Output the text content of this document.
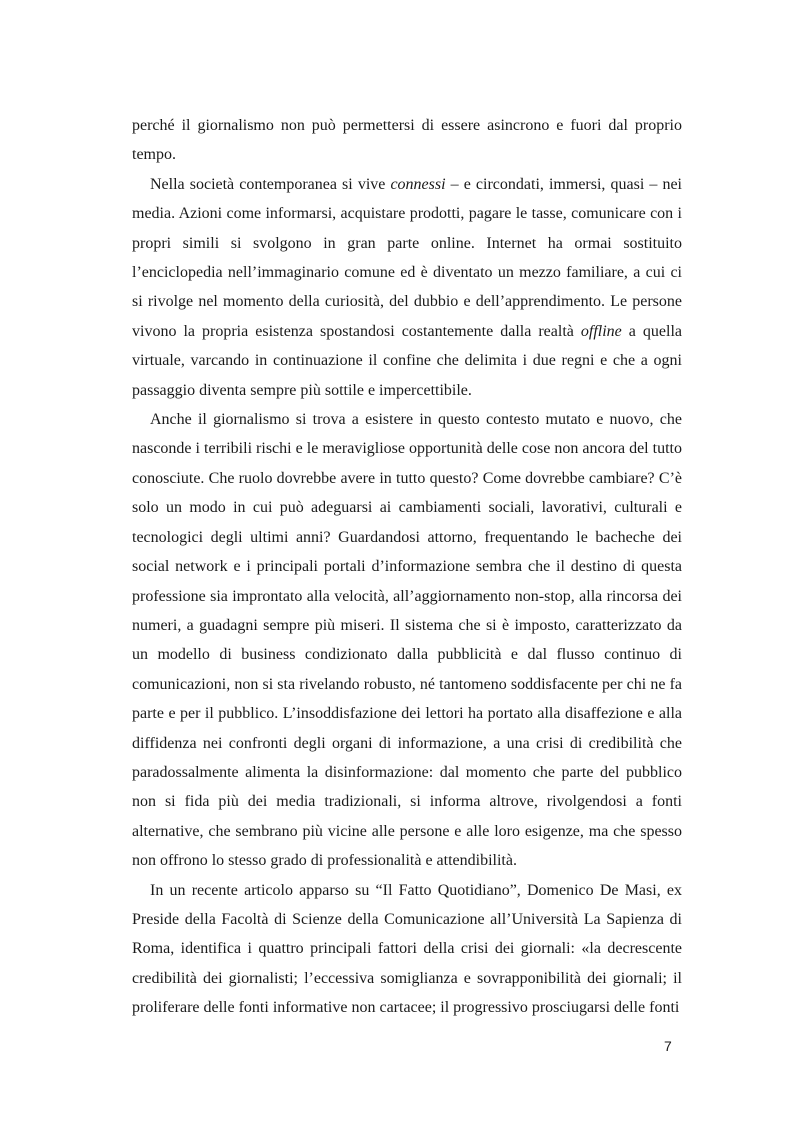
perché il giornalismo non può permettersi di essere asincrono e fuori dal proprio tempo.

Nella società contemporanea si vive connessi – e circondati, immersi, quasi – nei media. Azioni come informarsi, acquistare prodotti, pagare le tasse, comunicare con i propri simili si svolgono in gran parte online. Internet ha ormai sostituito l’enciclopedia nell’immaginario comune ed è diventato un mezzo familiare, a cui ci si rivolge nel momento della curiosità, del dubbio e dell’apprendimento. Le persone vivono la propria esistenza spostandosi costantemente dalla realtà offline a quella virtuale, varcando in continuazione il confine che delimita i due regni e che a ogni passaggio diventa sempre più sottile e impercettibile.

Anche il giornalismo si trova a esistere in questo contesto mutato e nuovo, che nasconde i terribili rischi e le meravigliose opportunità delle cose non ancora del tutto conosciute. Che ruolo dovrebbe avere in tutto questo? Come dovrebbe cambiare? C’è solo un modo in cui può adeguarsi ai cambiamenti sociali, lavorativi, culturali e tecnologici degli ultimi anni? Guardandosi attorno, frequentando le bacheche dei social network e i principali portali d’informazione sembra che il destino di questa professione sia improntato alla velocità, all’aggiornamento non-stop, alla rincorsa dei numeri, a guadagni sempre più miseri. Il sistema che si è imposto, caratterizzato da un modello di business condizionato dalla pubblicità e dal flusso continuo di comunicazioni, non si sta rivelando robusto, né tantomeno soddisfacente per chi ne fa parte e per il pubblico. L’insoddisfazione dei lettori ha portato alla disaffezione e alla diffidenza nei confronti degli organi di informazione, a una crisi di credibilità che paradossalmente alimenta la disinformazione: dal momento che parte del pubblico non si fida più dei media tradizionali, si informa altrove, rivolgendosi a fonti alternative, che sembrano più vicine alle persone e alle loro esigenze, ma che spesso non offrono lo stesso grado di professionalità e attendibilità.

In un recente articolo apparso su “Il Fatto Quotidiano”, Domenico De Masi, ex Preside della Facoltà di Scienze della Comunicazione all’Università La Sapienza di Roma, identifica i quattro principali fattori della crisi dei giornali: «la decrescente credibilità dei giornalisti; l’eccessiva somiglianza e sovrapponibilità dei giornali; il proliferare delle fonti informative non cartacee; il progressivo prosciugarsi delle fonti

7
